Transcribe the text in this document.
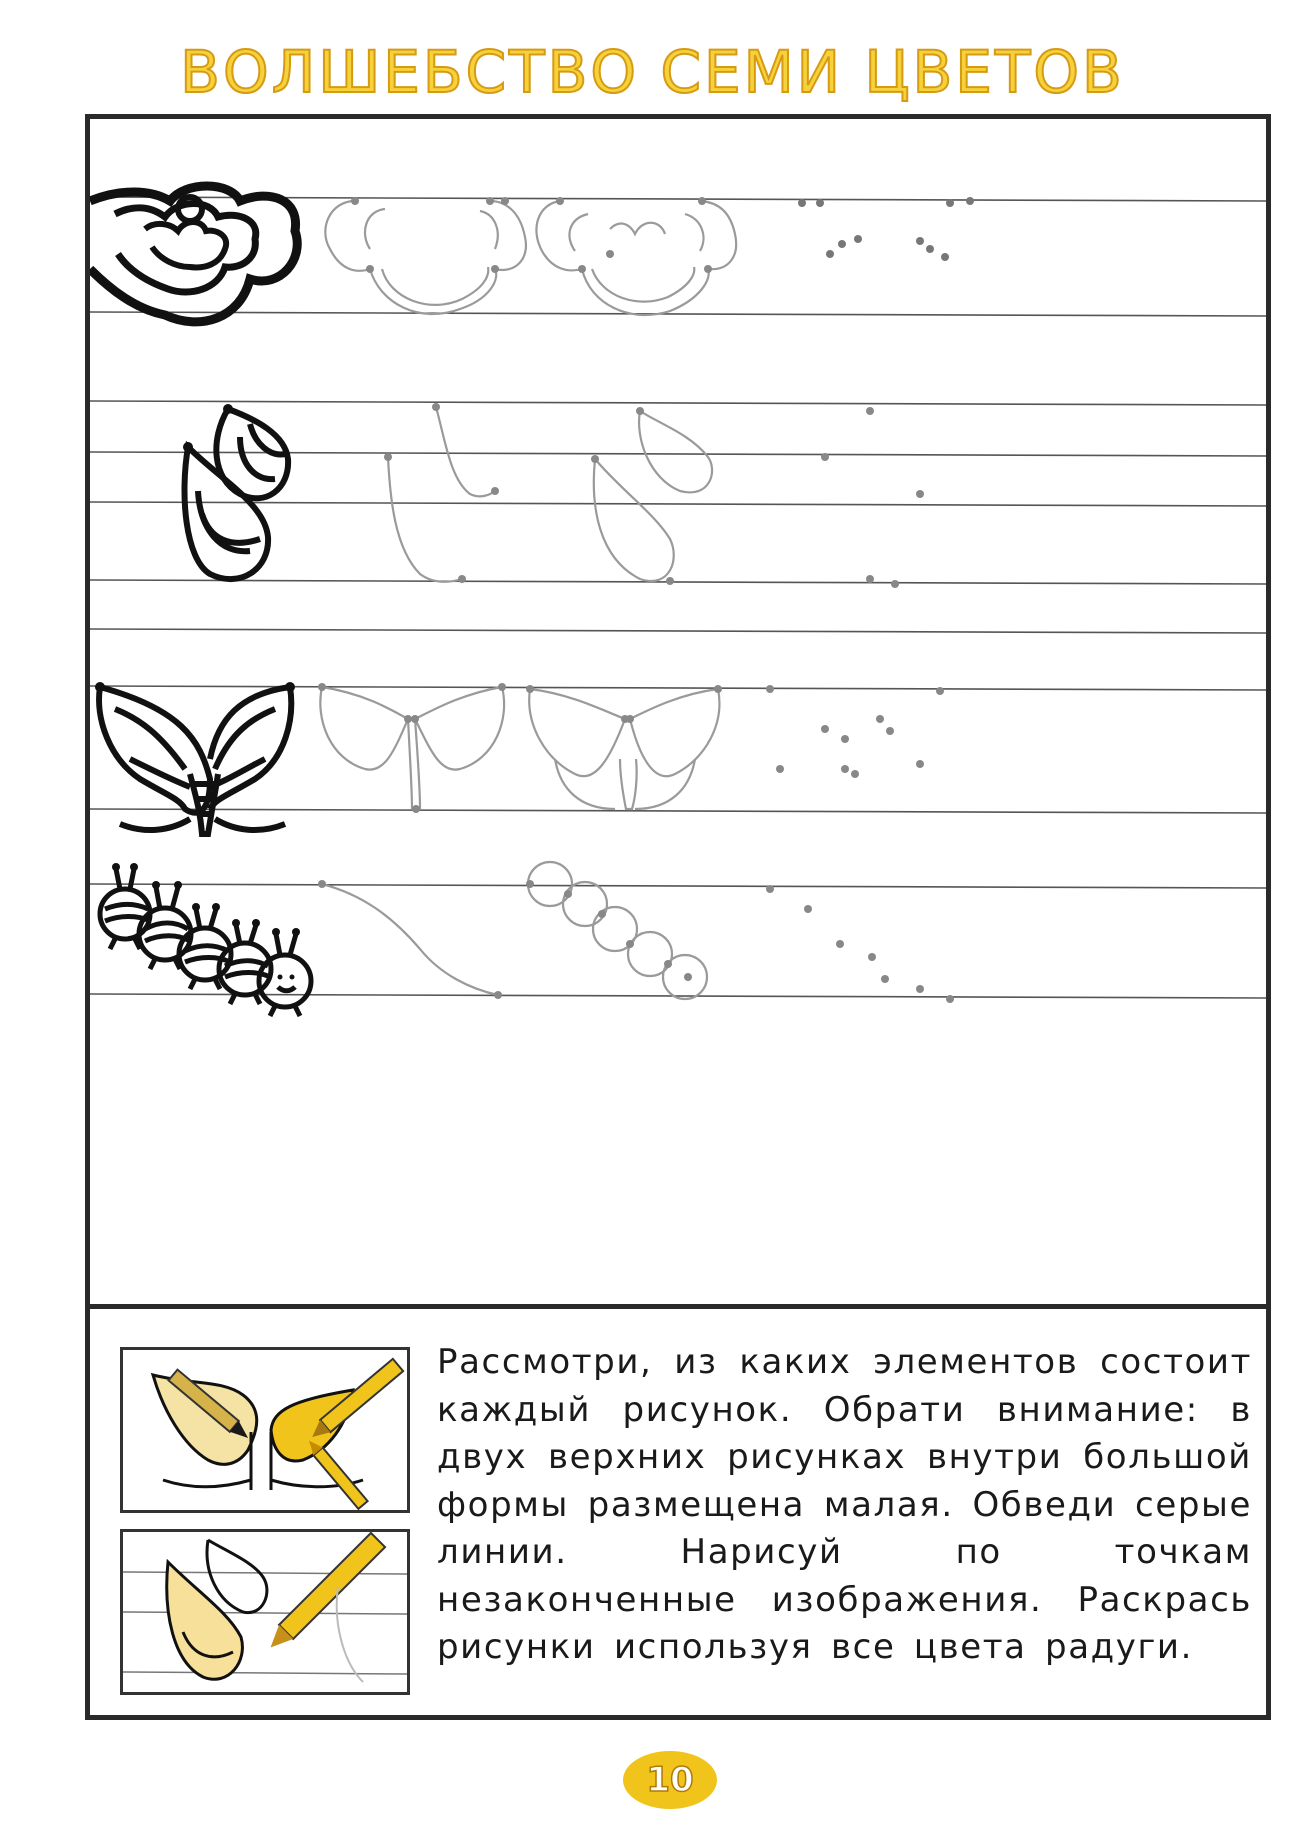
ВОЛШЕБСТВО СЕМИ ЦВЕТОВ
Рассмотри, из каких элементов состоит каждый рисунок. Обрати внимание: в двух верхних рисунках внутри большой формы размещена малая. Обведи серые линии. Нарисуй по точкам незаконченные изображения. Раскрась рисунки используя все цвета радуги.
10
